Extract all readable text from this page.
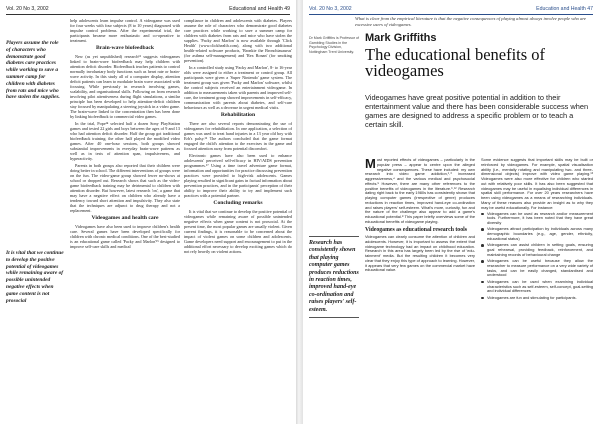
Vol. 20 No 3, 2002	Educational and Health 49
Players assume the role of characters who demonstrate good diabetes care practices while working to save a summer camp for children with diabetes from rats and mice who have stolen the supplies.
It is vital that we continue to develop the positive potential of videogames while remaining aware of possible unintended negative effects when game content is not prosocial

help adolescents learn impulse control. A videogame was used for four weeks with four subjects (8 to 10 years) diagnosed with impulse control problems. After the experimental trial, the participants became more enthusiastic and co-operative to treatment.

Brain-wave biofeedback

New (as yet unpublished) research¹³ suggests videogames linked to brain-wave biofeedback may help children with attention deficit disorder. Biofeedback teaches patients to control normally involuntary body functions such as heart rate or brain-wave activity. In this study all of a computer display, attention deficit patients can learn to modulate brain wave associated with focusing. While previously in research involving games, scalability, and organisational skills. Following on from research involving pilot attentiveness during flight simulations, a similar principle has been developed to help attention-deficit children stay focused by manipulating a steering joystick in a video game. The brain-wave linked to the concentration then has been done by linking biofeedback to commercial video games.

In the trial, Pope¹⁴ selected half a dozen Sony PlayStation games and tested 22 girls and boys between the ages of 9 and 13 who had attention deficit disorder. Half the group got traditional biofeedback training; the other half played the modified video games. After 40 one-hour sessions, both groups showed substantial improvements in everyday brain-wave patterns as well as in tests of attention span, impulsiveness, and hyperactivity.

Parents in both groups also reported that their children were doing better in school. The different interventions of groups were on the fun. The video-game group showed fewer no-shows at school or dropped out. Research shows that such as the video-game biofeedback training may be detrimental to children with attention disorder. But however, latest research 'on', a game that may have a negative effect on children who already have a tendency toward short attention and impulsivity. They also state that the techniques are adjunct to drug therapy and not a replacement.

Videogames and health care

Videogames have also been used to improve children's health care. Several games have been developed specifically for children with chronic medical conditions. One of the best-studied is an educational game called 'Packy and Marlon'¹⁵ designed to improve self-care skills and medical

compliance in children and adolescents with diabetes. Players assume the role of characters who demonstrate good diabetes care practices while working to save a summer camp for children with diabetes from rats and mice who have stolen the supplies. 'Packy and Marlon' is now available through 'Click Health' (www.clickhealth.com), along with two additional health-related software products, 'Bronkie the Bronchiasaurus' (for asthma self-management) and 'Rex Ronan' (for smoking prevention).

In a controlled study using 'Packy and Marlon', 8- to 16-year olds were assigned to either a treatment or control group. All participants were given a 'Super Nintendo' game system. The treatment group was given 'Packy and Marlon' software, whilst the control subjects received an entertainment videogame. In addition to measurements taken with parents and improved self-care, the treatment group showed improvements in self-efficacy, communication with parents about diabetes, and self-care behaviours as well as a decrease in urgent medical visits.

Rehabilitation

There are also several reports demonstrating the use of videogames for rehabilitation. In one application, a selection of games was used to treat hand injuries in a 13 year old boy with Erb's palsy.¹⁶ The authors concluded that the game format engaged the child's attention to the exercises in the game and focused attention away from potential discomfort.

Electronic games have also been used to enhance adolescents' perceived self-efficacy in HIV/AIDS prevention programmes.¹⁷ Using a time travel adventure game format, information and opportunities for practice discussing prevention practices were provided to high-risk adolescents. Games playing resulted in significant gains in factual information about prevention practices, and in the participants' perception of their ability to improve their ability to try and implement such practices with a potential partner.

Concluding remarks

It is vital that we continue to develop the positive potential of videogames while remaining aware of possible unintended negative effects when game content is not prosocial. At the present time, the most popular games are usually violent. Given current findings, it is reasonable to be concerned about the impact of violent games on some children and adolescents. Game developers need support and encouragement to put in the additional effort necessary to develop exciting games which do not rely heavily on violent actions.

Vol. 20 No 3, 2002	Education and Health 47
What is clear from the empirical literature is that the negative consequences of playing almost always involve people who are excessive users of videogames.
Dr Mark Griffiths is Professor of Gambling Studies in the Psychology Division, Nottingham Trent University.
Mark Griffiths
The educational benefits of videogames
Videogames have great positive potential in addition to their entertainment value and there has been considerable success when games are designed to address a specific problem or to teach a certain skill.
Research has consistently shown that playing computer games produces reductions in reaction times, improved hand-eye co-ordination and raises players' self-esteem.

Most reported effects of videogames – particularly in the popular press – appear to centre upon the alleged negative consequences. These have included: my own research into video game addiction,¹˒³ increased aggressiveness,⁴ and the various medical and psychosocial effects.⁵ However, there are many other references to the positive benefits of videogames in the literature.⁶˒¹² Research dating right back to the early 1980s has consistently shown that playing computer games (irrespective of genre) produces reductions in reaction times, improved hand-eye co-ordination and raises players' self-esteem. What's more, curiosity, fun and the nature of the challenge also appear to add a game's educational potential.⁸ This paper briefly overviews some of the educational benefits of videogame playing.

Videogames as educational research tools

Videogames can clearly consume the attention of children and adolescents. However, it is important to assess the extent that videogame technology had an impact on childhood education. Research in this area has largely been led by the rise of 'edu-tainment' media. But the resulting children it becomes very clear that they enjoy this type of approach to learning. However, it appears that very few games on the commercial market have educational value.

Some evidence suggests that important skills may be built or reinforced by videogames. For example, spatial visualisation ability (i.e., mentally rotating and manipulating two- and three-dimensional objects) improve with video game playing.¹³ Videogames were also more effective for children who started out with relatively poor skills. It has also been suggested that videogames may be useful in equalising individual differences in spatial skill performance. For over 20 years researchers have been using videogames as a means of researching individuals. Many of these reasons also provide an insight as to why they may be useful educationally. For instance:

Videogames can be used as research and/or measurement tools. Furthermore, it has been noted that they have great diversity
Videogames attract participation by individuals across many demographic boundaries (e.g., age, gender, ethnicity, educational status)
Videogames can assist children in setting goals, ensuring goal rehearsal, providing feedback, reinforcement, and maintaining records of behavioural change
Videogames can be useful because they allow the researcher to measure performance on a very wide variety of tasks, and can be easily changed, standardised and understood
Videogames can be used when examining individual characteristics such as self-esteem, self-concept, goal-setting and individual differences
Videogames are fun and stimulating for participants.
